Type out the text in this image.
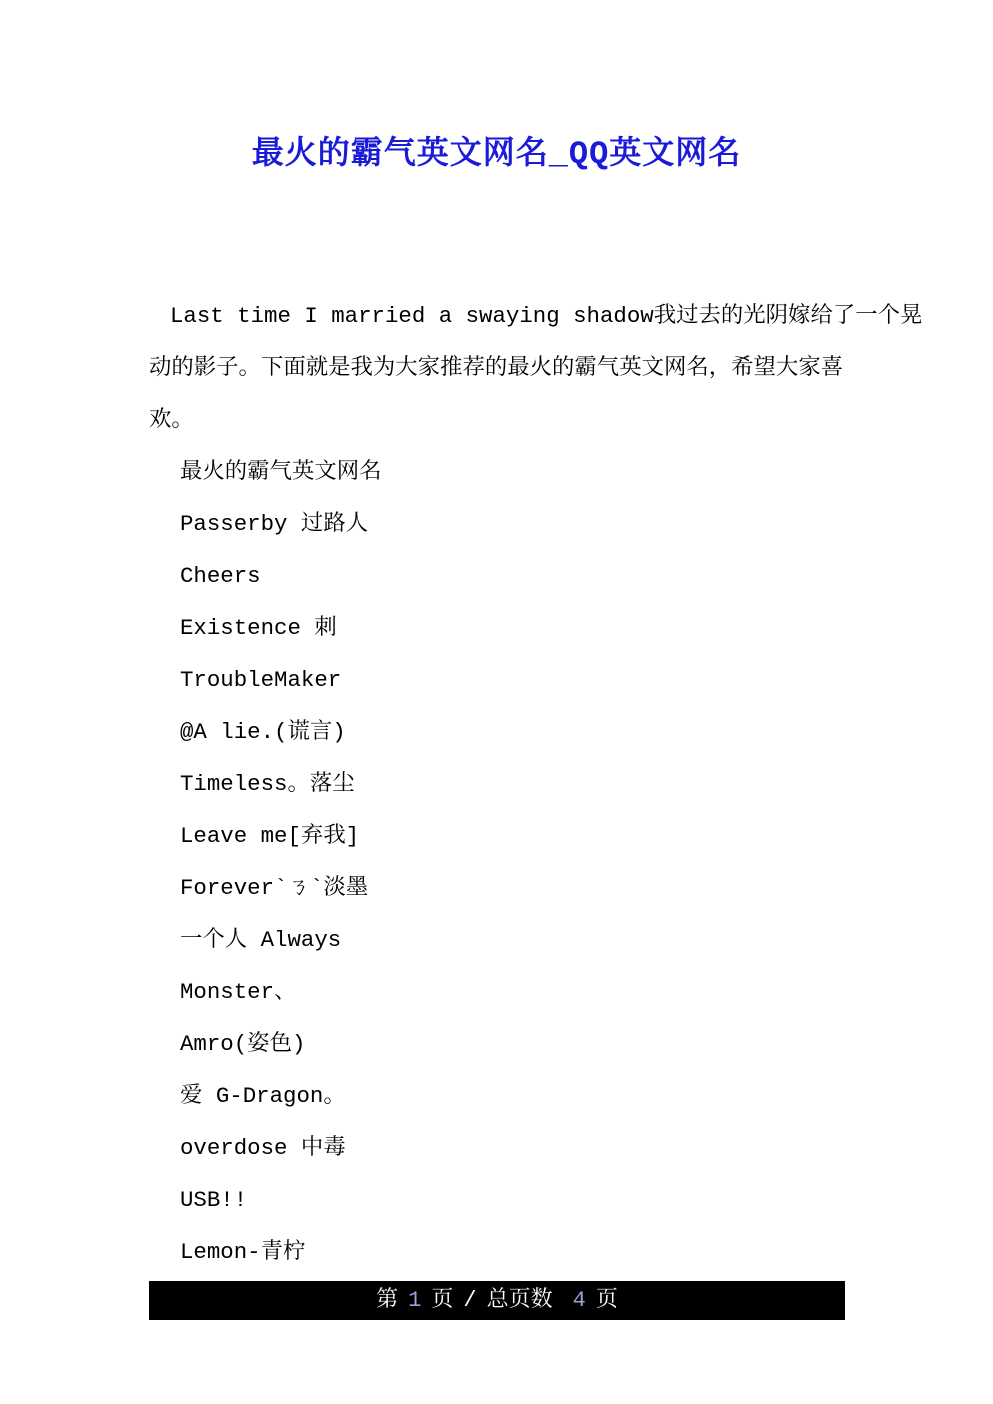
最火的霸气英文网名_QQ英文网名
Last time I married a swaying shadow我过去的光阴嫁给了一个晃
动的影子。下面就是我为大家推荐的最火的霸气英文网名，希望大家喜
欢。
最火的霸气英文网名
Passerby 过路人
Cheers
Existence 刺
TroubleMaker
@A lie.(谎言)
Timeless。落尘
Leave me[弃我]
Forever`ㄋ`淡墨
一个人 Always
Monster、
Amro(姿色)
爱 G-Dragon。
overdose 中毒
USB!!
Lemon-青柠
第 1 页 / 总页数 4 页
